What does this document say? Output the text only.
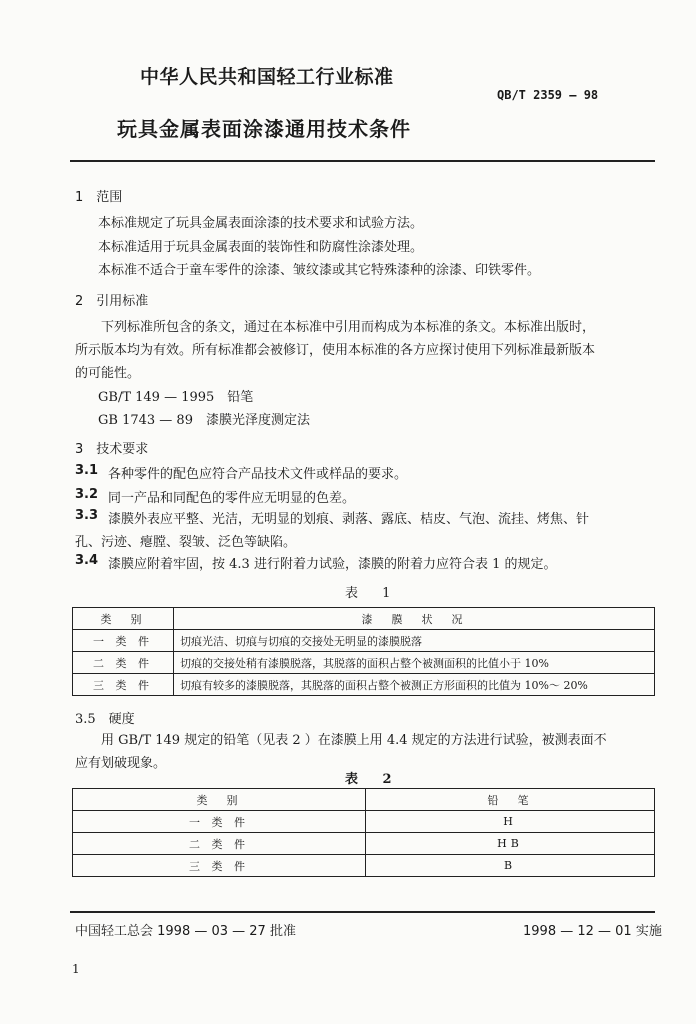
中华人民共和国轻工行业标准
QB/T 2359 — 98
玩具金属表面涂漆通用技术条件
1　范围
本标准规定了玩具金属表面涂漆的技术要求和试验方法。
本标准适用于玩具金属表面的装饰性和防腐性涂漆处理。
本标准不适合于童车零件的涂漆、皱纹漆或其它特殊漆种的涂漆、印铁零件。
2　引用标准
下列标准所包含的条文，通过在本标准中引用而构成为本标准的条文。本标准出版时，
所示版本均为有效。所有标准都会被修订，使用本标准的各方应探讨使用下列标准最新版本
的可能性。
GB/T 149 — 1995　铅笔
GB 1743 — 89　漆膜光泽度测定法
3　技术要求
3.1 各种零件的配色应符合产品技术文件或样品的要求。
3.2 同一产品和同配色的零件应无明显的色差。
3.3 漆膜外表应平整、光洁，无明显的划痕、剥落、露底、桔皮、气泡、流挂、烤焦、针
孔、污迹、瘪膛、裂皱、泛色等缺陷。
3.4 漆膜应附着牢固，按 4.3 进行附着力试验，漆膜的附着力应符合表 1 的规定。
表 1
类　别	漆　膜　状　况
一 类 件	切痕光洁、切痕与切痕的交接处无明显的漆膜脱落
二 类 件	切痕的交接处稍有漆膜脱落，其脱落的面积占整个被测面积的比值小于 10%
三 类 件	切痕有较多的漆膜脱落，其脱落的面积占整个被测正方形面积的比值为 10%～ 20%
3.5　硬度
用 GB/T 149 规定的铅笔（见表 2 ）在漆膜上用 4.4 规定的方法进行试验，被测表面不
应有划破现象。
表 2
类　别	铅　笔
一 类 件	H
二 类 件	HB
三 类 件	B
中国轻工总会 1998 — 03 — 27 批准	1998 — 12 — 01 实施
1
